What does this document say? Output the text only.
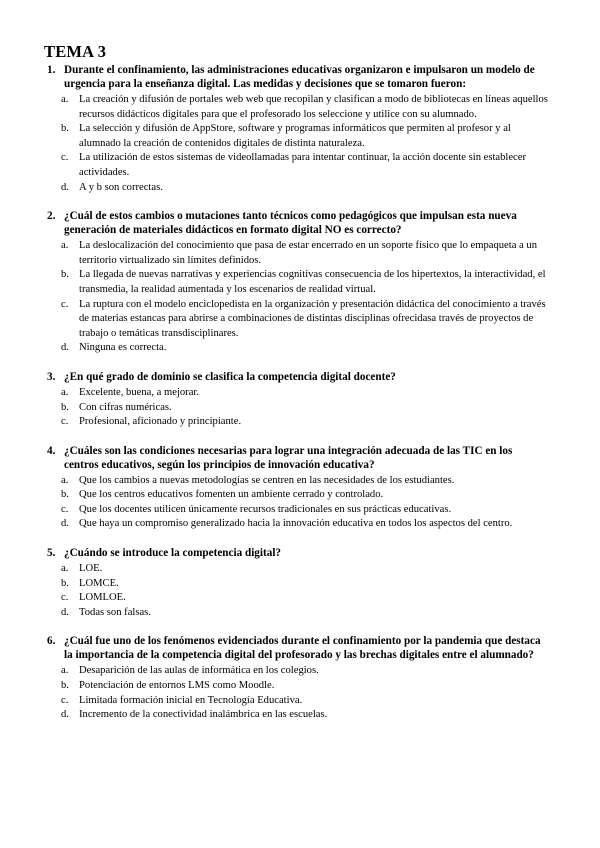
TEMA 3
1. Durante el confinamiento, las administraciones educativas organizaron e impulsaron un modelo de urgencia para la enseñanza digital. Las medidas y decisiones que se tomaron fueron:
a. La creación y difusión de portales web web que recopilan y clasifican a modo de bibliotecas en líneas aquellos recursos didácticos digitales para que el profesorado los seleccione y utilice con su alumnado.
b. La selección y difusión de AppStore, software y programas informáticos que permiten al profesor y al alumnado la creación de contenidos digitales de distinta naturaleza.
c. La utilización de estos sistemas de videollamadas para intentar continuar, la acción docente sin establecer actividades.
d. A y b son correctas.
2. ¿Cuál de estos cambios o mutaciones tanto técnicos como pedagógicos que impulsan esta nueva generación de materiales didácticos en formato digital NO es correcto?
a. La deslocalización del conocimiento que pasa de estar encerrado en un soporte físico que lo empaqueta a un territorio virtualizado sin límites definidos.
b. La llegada de nuevas narrativas y experiencias cognitivas consecuencia de los hipertextos, la interactividad, el transmedia, la realidad aumentada y los escenarios de realidad virtual.
c. La ruptura con el modelo enciclopedista en la organización y presentación didáctica del conocimiento a través de materias estancas para abrirse a combinaciones de distintas disciplinas ofrecidasa través de proyectos de trabajo o temáticas transdisciplinares.
d. Ninguna es correcta.
3. ¿En qué grado de dominio se clasifica la competencia digital docente?
a. Excelente, buena, a mejorar.
b. Con cifras numéricas.
c. Profesional, aficionado y principiante.
4. ¿Cuáles son las condiciones necesarias para lograr una integración adecuada de las TIC en los centros educativos, según los principios de innovación educativa?
a. Que los cambios a nuevas metodologías se centren en las necesidades de los estudiantes.
b. Que los centros educativos fomenten un ambiente cerrado y controlado.
c. Que los docentes utilicen únicamente recursos tradicionales en sus prácticas educativas.
d. Que haya un compromiso generalizado hacia la innovación educativa en todos los aspectos del centro.
5. ¿Cuándo se introduce la competencia digital?
a. LOE.
b. LOMCE.
c. LOMLOE.
d. Todas son falsas.
6. ¿Cuál fue uno de los fenómenos evidenciados durante el confinamiento por la pandemia que destaca la importancia de la competencia digital del profesorado y las brechas digitales entre el alumnado?
a. Desaparición de las aulas de informática en los colegios.
b. Potenciación de entornos LMS como Moodle.
c. Limitada formación inicial en Tecnología Educativa.
d. Incremento de la conectividad inalámbrica en las escuelas.
